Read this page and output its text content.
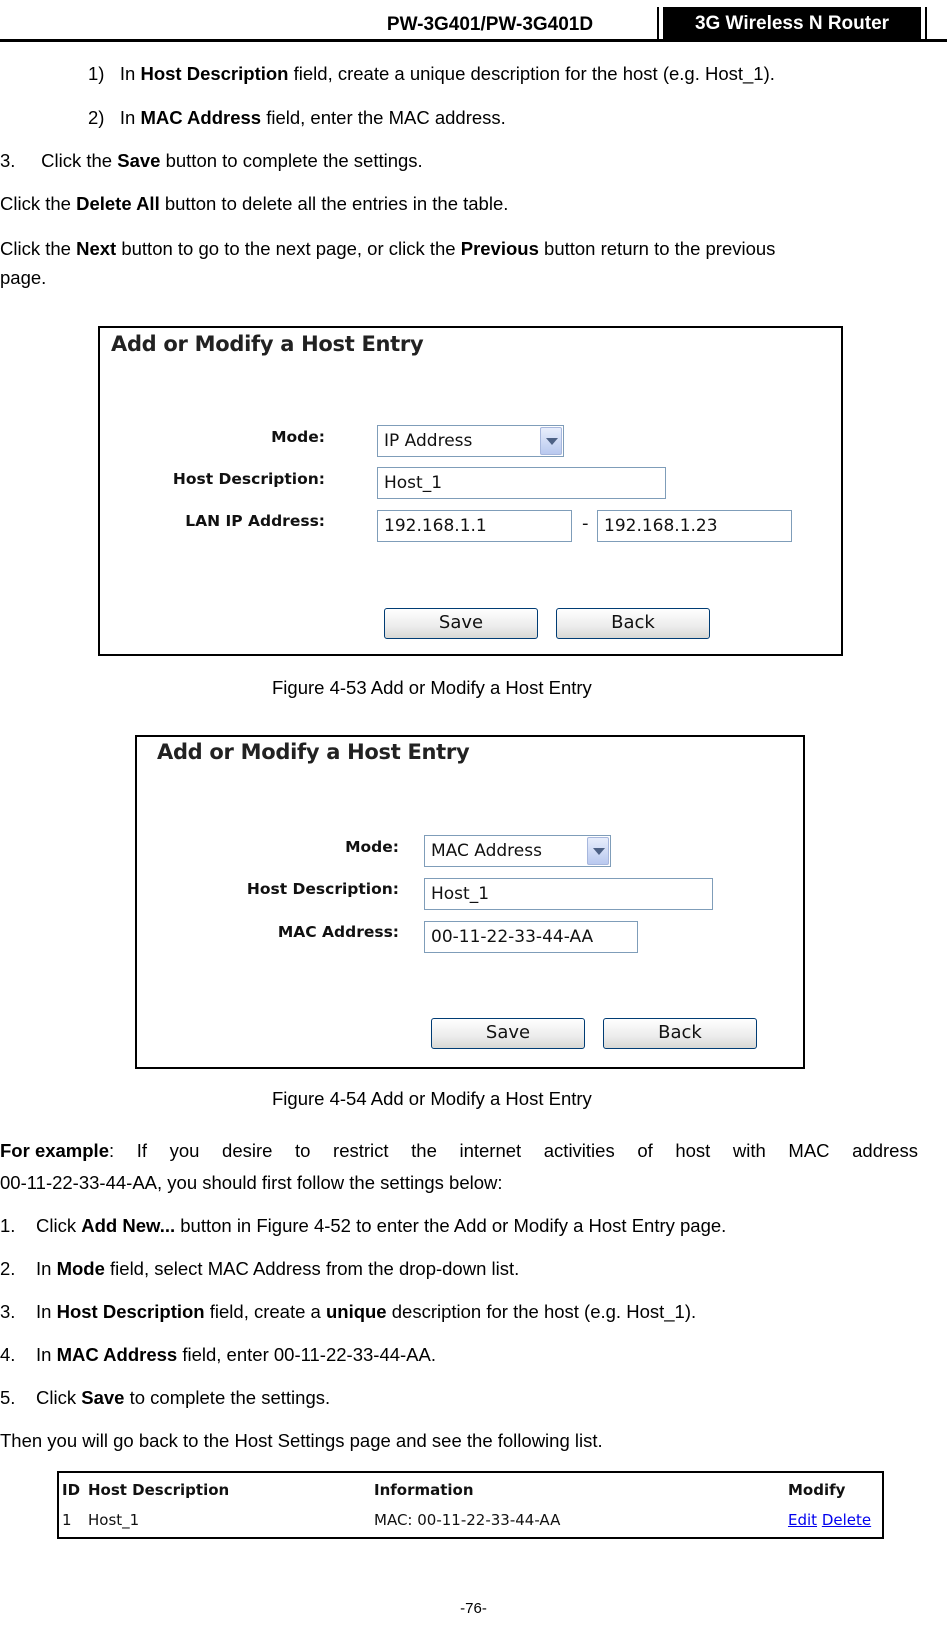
PW-3G401/PW-3G401D	3G Wireless N Router
1) In Host Description field, create a unique description for the host (e.g. Host_1).
2) In MAC Address field, enter the MAC address.
3. Click the Save button to complete the settings.
Click the Delete All button to delete all the entries in the table.
Click the Next button to go to the next page, or click the Previous button return to the previous
page.
Add or Modify a Host Entry
Mode:	IP Address
Host Description:	Host_1
LAN IP Address:	192.168.1.1	- 192.168.1.23
Save	Back
Figure 4-53 Add or Modify a Host Entry
Add or Modify a Host Entry
Mode:	MAC Address
Host Description:	Host_1
MAC Address:	00-11-22-33-44-AA
Save	Back
Figure 4-54 Add or Modify a Host Entry
For example: If you desire to restrict the internet activities of host with MAC address
00-11-22-33-44-AA, you should first follow the settings below:
1. Click Add New... button in Figure 4-52 to enter the Add or Modify a Host Entry page.
2. In Mode field, select MAC Address from the drop-down list.
3. In Host Description field, create a unique description for the host (e.g. Host_1).
4. In MAC Address field, enter 00-11-22-33-44-AA.
5. Click Save to complete the settings.
Then you will go back to the Host Settings page and see the following list.
ID Host Description	Information	Modify
1 Host_1	MAC: 00-11-22-33-44-AA	Edit Delete
-76-
